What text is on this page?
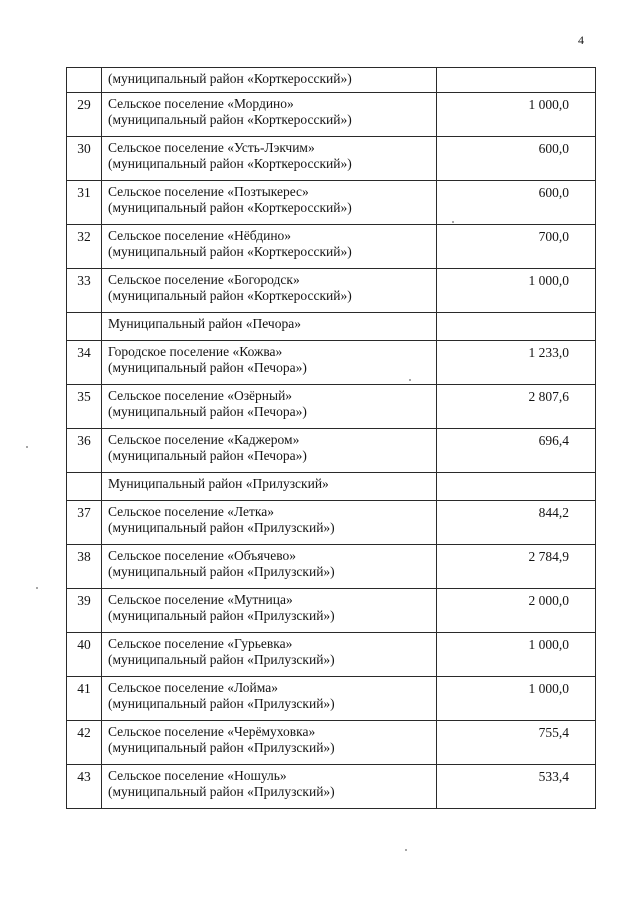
4

	(муниципальный район «Корткеросский»)	

29	Сельское поселение «Мордино»
(муниципальный район «Корткеросский»)	1 000,0
30	Сельское поселение «Усть-Лэкчим»
(муниципальный район «Корткеросский»)	600,0
31	Сельское поселение «Позтыкерес»
(муниципальный район «Корткеросский»)	600,0
32	Сельское поселение «Нёбдино»
(муниципальный район «Корткеросский»)	700,0
33	Сельское поселение «Богородск»
(муниципальный район «Корткеросский»)	1 000,0

	Муниципальный район «Печора»	

34	Городское поселение «Кожва»
(муниципальный район «Печора»)	1 233,0
35	Сельское поселение «Озёрный»
(муниципальный район «Печора»)	2 807,6
36	Сельское поселение «Каджером»
(муниципальный район «Печора»)	696,4

	Муниципальный район «Прилузский»	

37	Сельское поселение «Летка»
(муниципальный район «Прилузский»)	844,2
38	Сельское поселение «Объячево»
(муниципальный район «Прилузский»)	2 784,9
39	Сельское поселение «Мутница»
(муниципальный район «Прилузский»)	2 000,0
40	Сельское поселение «Гурьевка»
(муниципальный район «Прилузский»)	1 000,0
41	Сельское поселение «Лойма»
(муниципальный район «Прилузский»)	1 000,0
42	Сельское поселение «Черёмуховка»
(муниципальный район «Прилузский»)	755,4
43	Сельское поселение «Ношуль»
(муниципальный район «Прилузский»)	533,4
